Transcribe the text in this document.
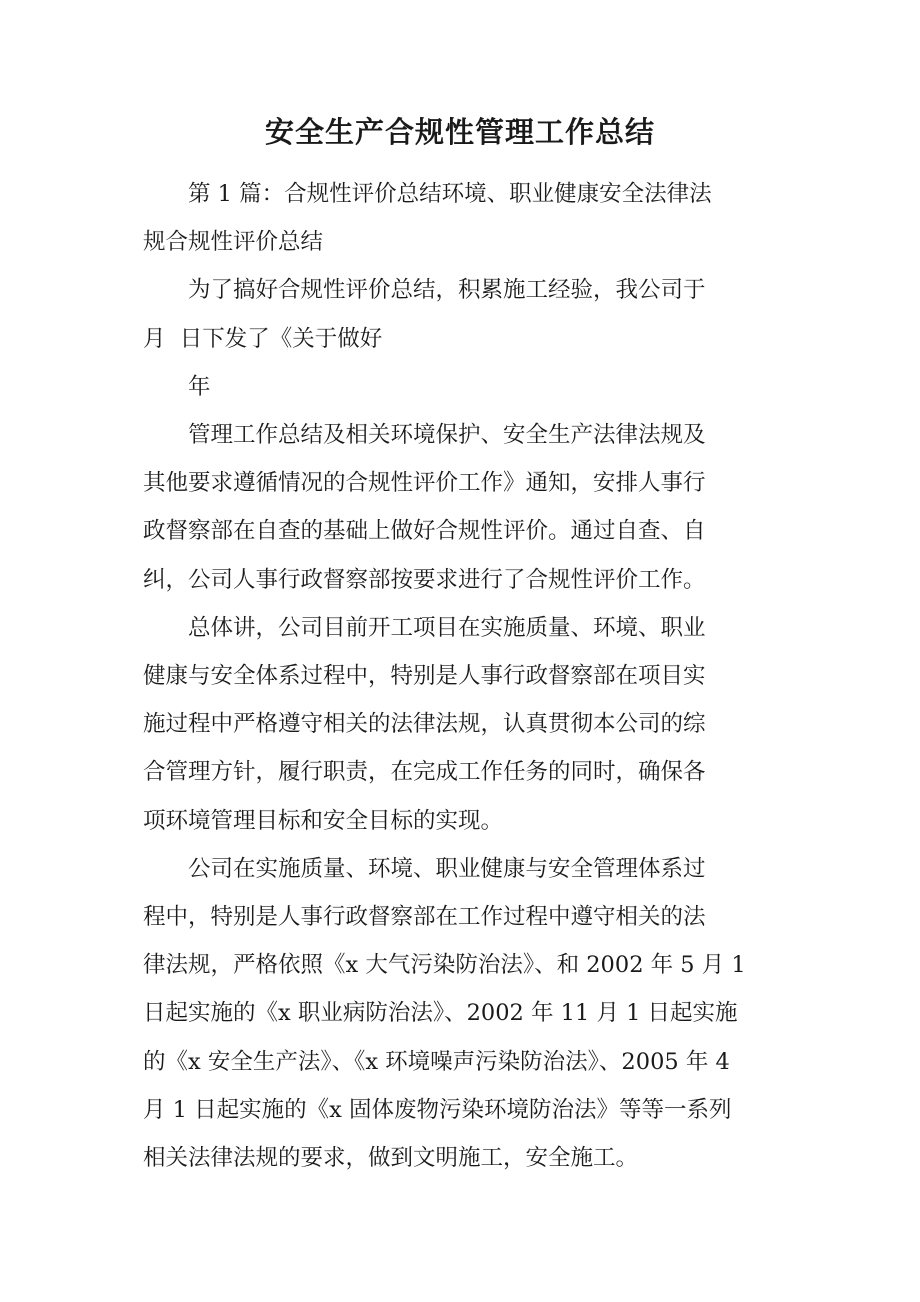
安全生产合规性管理工作总结
第 1 篇：合规性评价总结环境、职业健康安全法律法
规合规性评价总结
为了搞好合规性评价总结，积累施工经验，我公司于
月  日下发了《关于做好
年
管理工作总结及相关环境保护、安全生产法律法规及
其他要求遵循情况的合规性评价工作》通知，安排人事行
政督察部在自查的基础上做好合规性评价。通过自查、自
纠，公司人事行政督察部按要求进行了合规性评价工作。
总体讲，公司目前开工项目在实施质量、环境、职业
健康与安全体系过程中，特别是人事行政督察部在项目实
施过程中严格遵守相关的法律法规，认真贯彻本公司的综
合管理方针，履行职责，在完成工作任务的同时，确保各
项环境管理目标和安全目标的实现。
公司在实施质量、环境、职业健康与安全管理体系过
程中，特别是人事行政督察部在工作过程中遵守相关的法
律法规，严格依照《x 大气污染防治法》、和 2002 年 5 月 1
日起实施的《x 职业病防治法》、2002 年 11 月 1 日起实施
的《x 安全生产法》、《x 环境噪声污染防治法》、2005 年 4
月 1 日起实施的《x 固体废物污染环境防治法》等等一系列
相关法律法规的要求，做到文明施工，安全施工。
